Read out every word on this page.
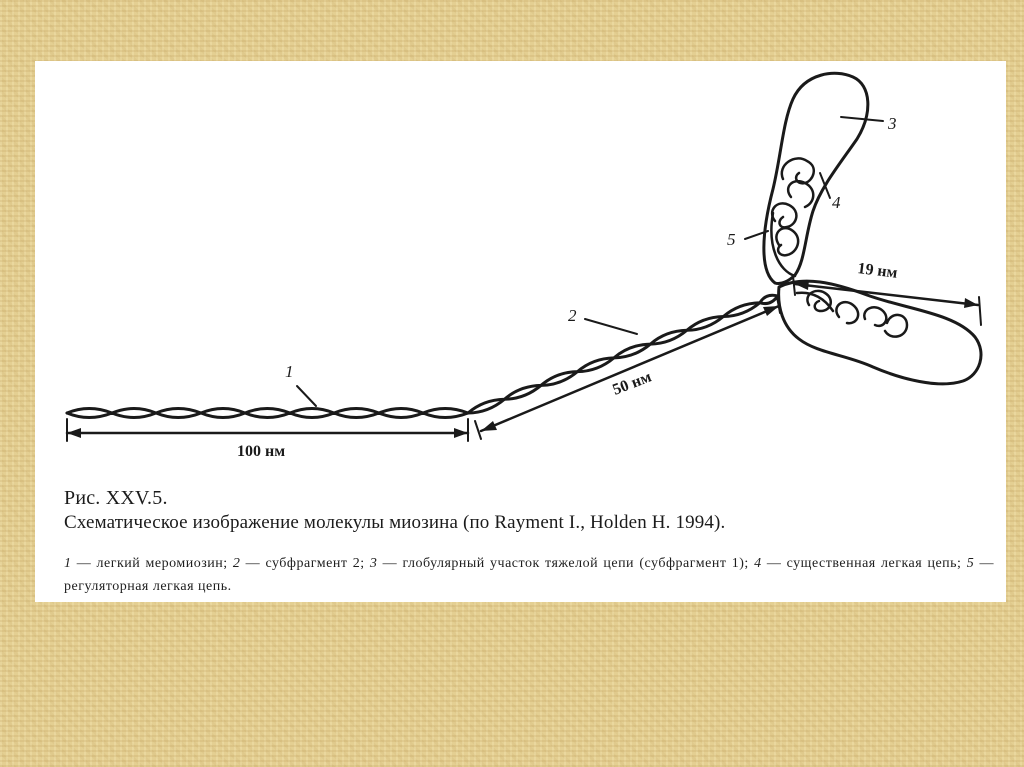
1
2
3
4
5
100 нм
50 нм
19 нм
Рис. XXV.5.
Схематическое изображение молекулы миозина (по Rayment I., Holden H. 1994).
1 — легкий меромиозин; 2 — субфрагмент 2; 3 — глобулярный участок тяжелой цепи (субфрагмент 1); 4 — существенная легкая цепь; 5 — регуляторная легкая цепь.
